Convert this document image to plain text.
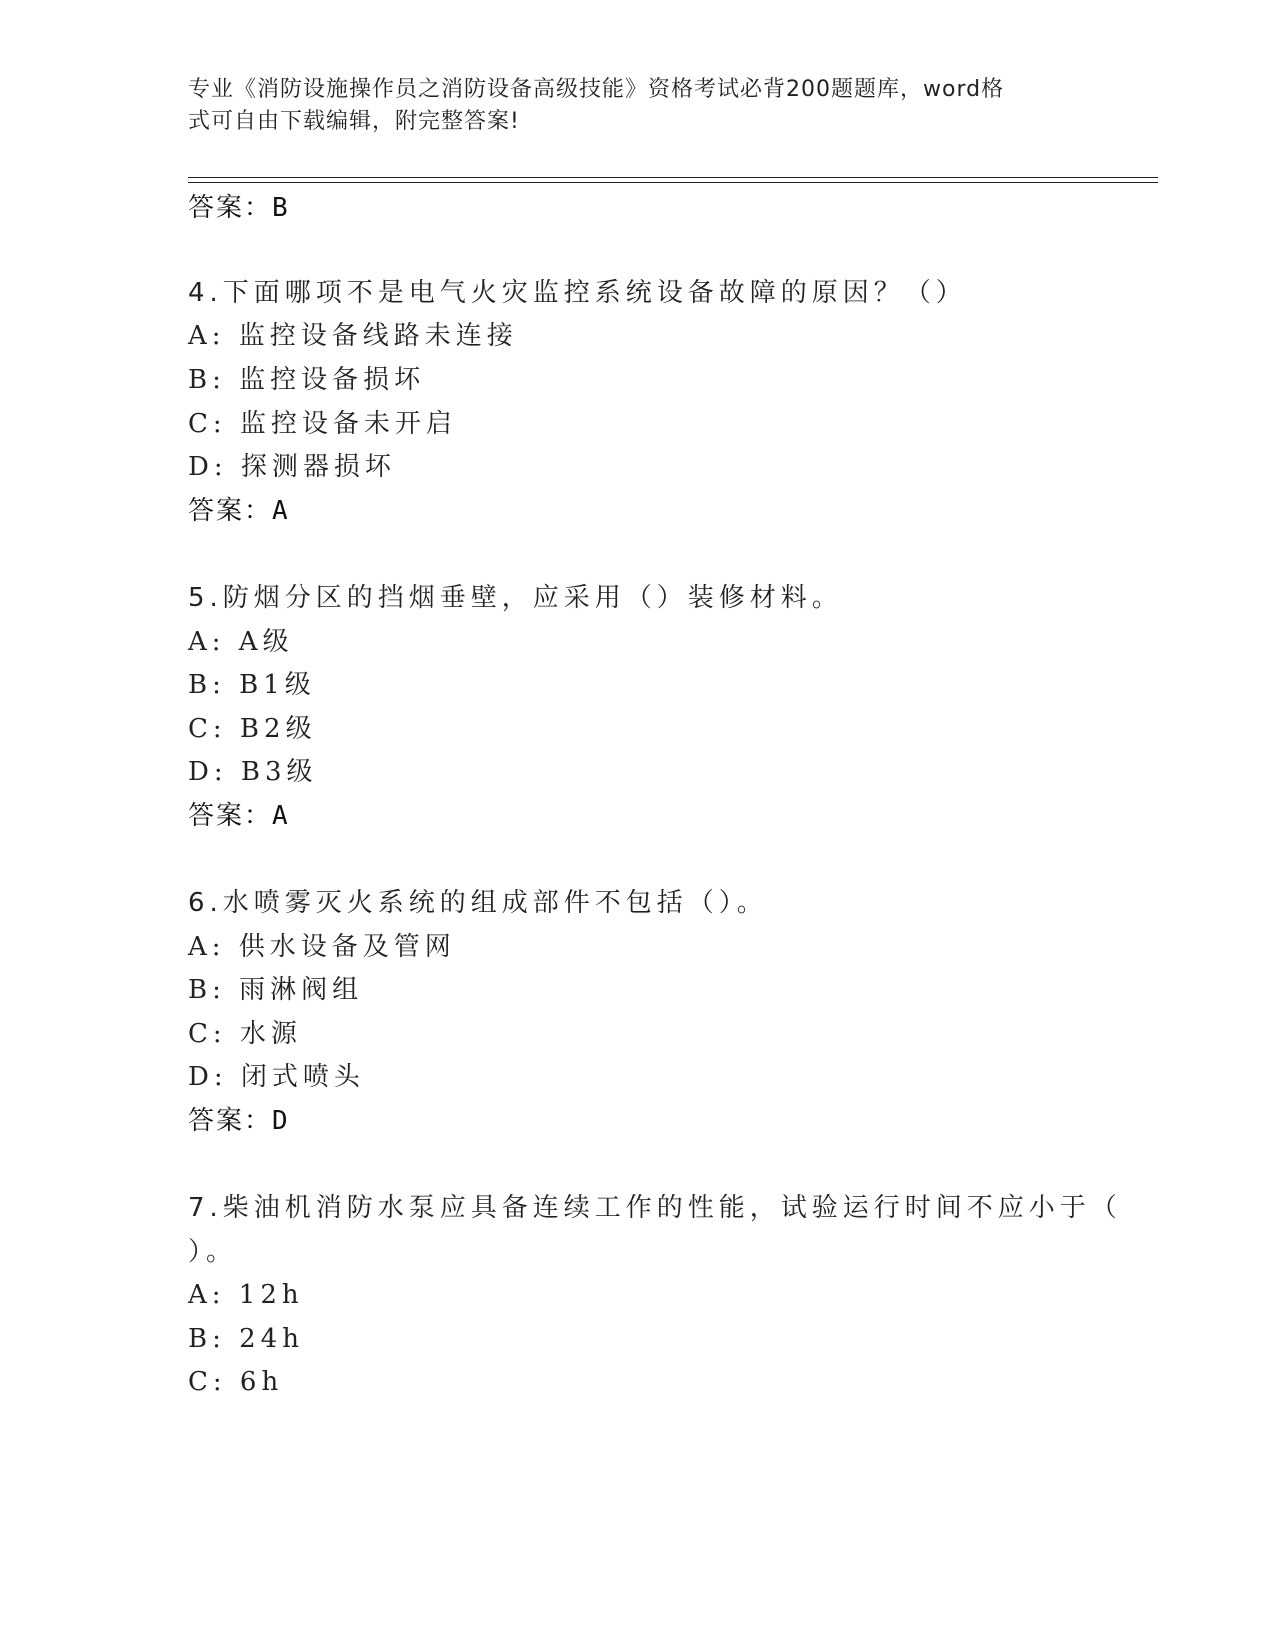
专业《消防设施操作员之消防设备高级技能》资格考试必背200题题库，word格
式可自由下载编辑，附完整答案!
答案：B
4.下面哪项不是电气火灾监控系统设备故障的原因？（）
A: 监控设备线路未连接
B: 监控设备损坏
C: 监控设备未开启
D: 探测器损坏
答案：A
5.防烟分区的挡烟垂壁，应采用（）装修材料。
A: A级
B: B1级
C: B2级
D: B3级
答案：A
6.水喷雾灭火系统的组成部件不包括（）。
A: 供水设备及管网
B: 雨淋阀组
C: 水源
D: 闭式喷头
答案：D
7.柴油机消防水泵应具备连续工作的性能，试验运行时间不应小于（
）。
A: 12h
B: 24h
C: 6h
